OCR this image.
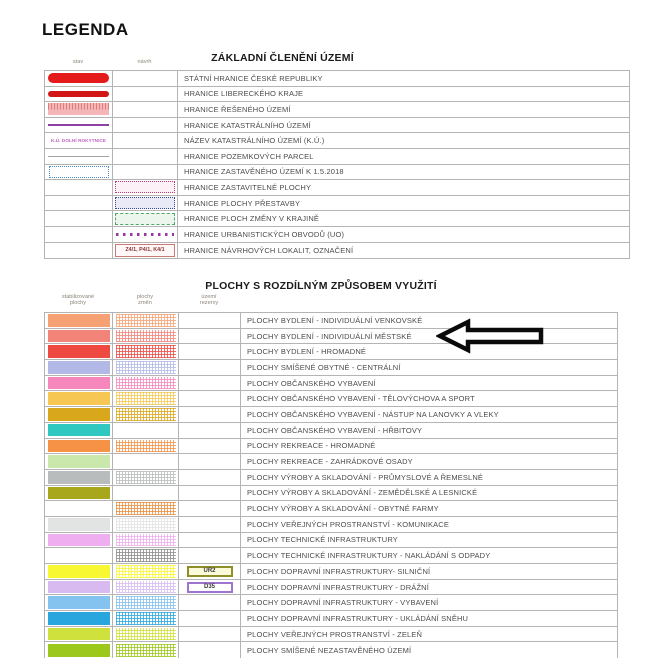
LEGENDA
ZÁKLADNÍ ČLENĚNÍ ÚZEMÍ
stav	návrh
STÁTNÍ HRANICE ČESKÉ REPUBLIKY
HRANICE LIBERECKÉHO KRAJE
HRANICE ŘEŠENÉHO ÚZEMÍ
HRANICE KATASTRÁLNÍHO ÚZEMÍ
K.Ú. DOLNÍ ROKYTNICE	NÁZEV KATASTRÁLNÍHO ÚZEMÍ (K.Ú.)
HRANICE POZEMKOVÝCH PARCEL
HRANICE ZASTAVĚNÉHO ÚZEMÍ K 1.5.2018
HRANICE ZASTAVITELNÉ PLOCHY
HRANICE PLOCHY PŘESTAVBY
HRANICE PLOCH ZMĚNY V KRAJINĚ
HRANICE URBANISTICKÝCH OBVODŮ (UO)
Z4/1, P4/1, K4/1	HRANICE NÁVRHOVÝCH LOKALIT, OZNAČENÍ
PLOCHY S ROZDÍLNÝM ZPŮSOBEM VYUŽITÍ
stabilizované
plochy
plochy
změn
území
rezervy
PLOCHY BYDLENÍ - INDIVIDUÁLNÍ VENKOVSKÉ
PLOCHY BYDLENÍ - INDIVIDUÁLNÍ MĚSTSKÉ
PLOCHY BYDLENÍ - HROMADNÉ
PLOCHY SMÍŠENÉ OBYTNÉ - CENTRÁLNÍ
PLOCHY OBČANSKÉHO VYBAVENÍ
PLOCHY OBČANSKÉHO VYBAVENÍ - TĚLOVÝCHOVA A SPORT
PLOCHY OBČANSKÉHO VYBAVENÍ - NÁSTUP NA LANOVKY A VLEKY
PLOCHY OBČANSKÉHO VYBAVENÍ - HŘBITOVY
PLOCHY REKREACE - HROMADNÉ
PLOCHY REKREACE - ZAHRÁDKOVÉ OSADY
PLOCHY VÝROBY A SKLADOVÁNÍ - PRŮMYSLOVÉ A ŘEMESLNÉ
PLOCHY VÝROBY A SKLADOVÁNÍ - ZEMĚDĚLSKÉ A LESNICKÉ
PLOCHY VÝROBY A SKLADOVÁNÍ - OBYTNÉ FARMY
PLOCHY VEŘEJNÝCH PROSTRANSTVÍ - KOMUNIKACE
PLOCHY TECHNICKÉ INFRASTRUKTURY
PLOCHY TECHNICKÉ INFRASTRUKTURY - NAKLÁDÁNÍ S ODPADY
UR2	PLOCHY DOPRAVNÍ INFRASTRUKTURY- SILNIČNÍ
D35	PLOCHY DOPRAVNÍ INFRASTRUKTURY - DRÁŽNÍ
PLOCHY DOPRAVNÍ INFRASTRUKTURY - VYBAVENÍ
PLOCHY DOPRAVNÍ INFRASTRUKTURY - UKLÁDÁNÍ SNĚHU
PLOCHY VEŘEJNÝCH PROSTRANSTVÍ - ZELEŇ
PLOCHY SMÍŠENÉ NEZASTAVĚNÉHO ÚZEMÍ
